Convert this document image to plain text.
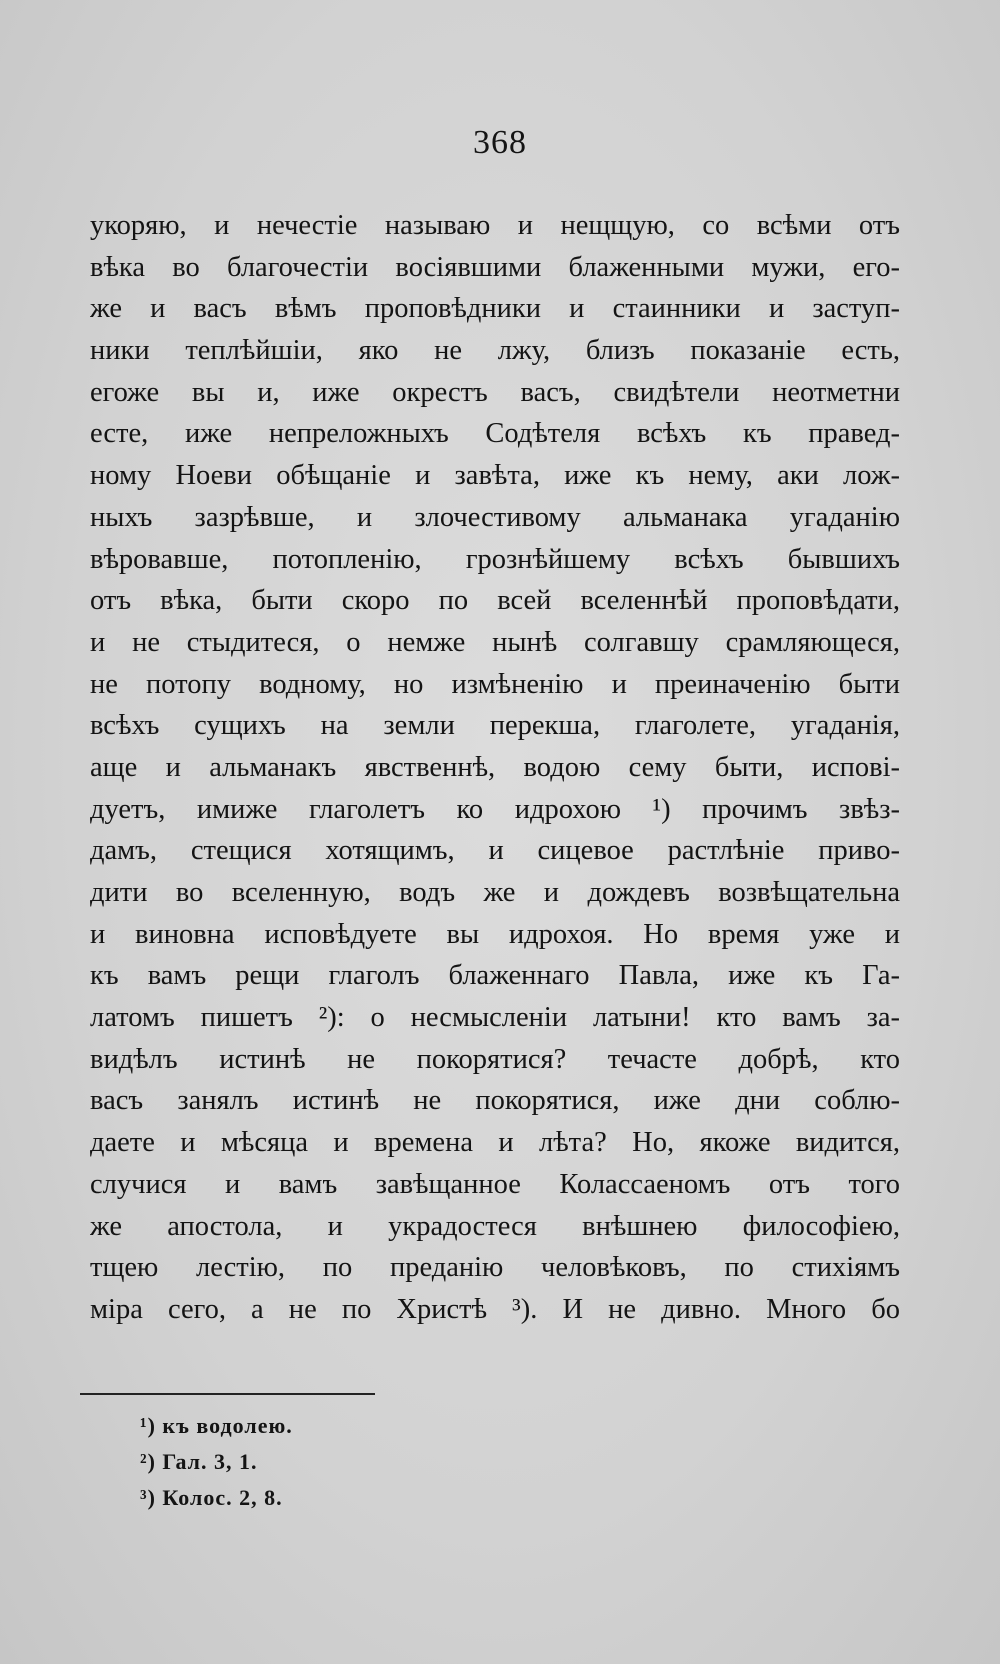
368
укоряю, и нечестіе называю и нещщую, со всѣми отъ
вѣка во благочестіи восіявшими блаженными мужи, его-
же и васъ вѣмъ проповѣдники и стаинники и заступ-
ники теплѣйшіи, яко не лжу, близъ показаніе есть,
егоже вы и, иже окрестъ васъ, свидѣтели неотметни
есте, иже непреложныхъ Содѣтеля всѣхъ къ правед-
ному Ноеви обѣщаніе и завѣта, иже къ нему, аки лож-
ныхъ зазрѣвше, и злочестивому альманака угаданію
вѣровавше, потопленію, грознѣйшему всѣхъ бывшихъ
отъ вѣка, быти скоро по всей вселеннѣй проповѣдати,
и не стыдитеся, о немже нынѣ солгавшу срамляющеся,
не потопу водному, но измѣненію и преиначенію быти
всѣхъ сущихъ на земли перекша, глаголете, угаданія,
аще и альманакъ явственнѣ, водою сему быти, испові-
дуетъ, имиже глаголетъ ко идрохою ¹) прочимъ звѣз-
дамъ, стещися хотящимъ, и сицевое растлѣніе приво-
дити во вселенную, водъ же и дождевъ возвѣщательна
и виновна исповѣдуете вы идрохоя. Но время уже и
къ вамъ рещи глаголъ блаженнаго Павла, иже къ Га-
латомъ пишетъ ²): о несмысленіи латыни! кто вамъ за-
видѣлъ истинѣ не покорятися? течасте добрѣ, кто
васъ занялъ истинѣ не покорятися, иже дни соблю-
даете и мѣсяца и времена и лѣта? Но, якоже видится,
случися и вамъ завѣщанное Колассаеномъ отъ того
же апостола, и украдостеся внѣшнею философіею,
тщею лестію, по преданію человѣковъ, по стихіямъ
міра сего, а не по Христѣ ³). И не дивно. Много бо
¹) къ водолею.
²) Гал. 3, 1.
³) Колос. 2, 8.
